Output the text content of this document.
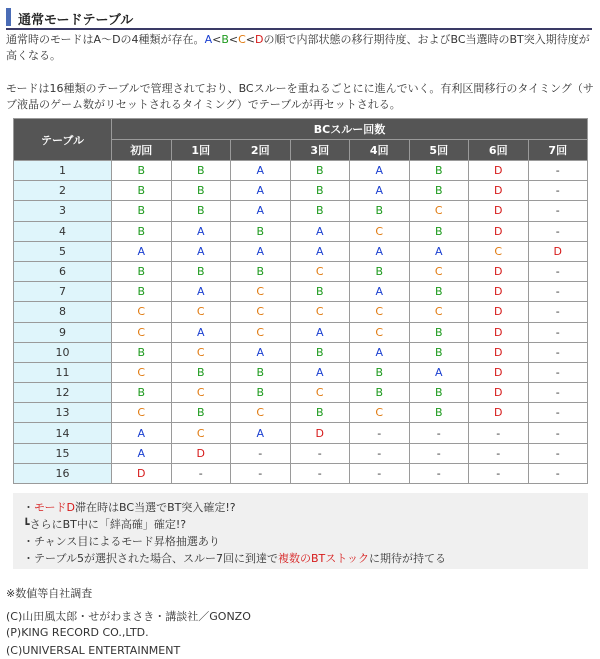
通常モードテーブル
通常時のモードはA〜Dの4種類が存在。A<B<C<Dの順で内部状態の移行期待度、およびBC当選時のBT突入期待度が高くなる。
モードは16種類のテーブルで管理されており、BCスルーを重ねるごとにに進んでいく。有利区間移行のタイミング（サブ液晶のゲーム数がリセットされるタイミング）でテーブルが再セットされる。
テーブル	BCスルー回数							
	初回	1回	2回	3回	4回	5回	6回	7回
1	B	B	A	B	A	B	D	-
2	B	B	A	B	A	B	D	-
3	B	B	A	B	B	C	D	-
4	B	A	B	A	C	B	D	-
5	A	A	A	A	A	A	C	D
6	B	B	B	C	B	C	D	-
7	B	A	C	B	A	B	D	-
8	C	C	C	C	C	C	D	-
9	C	A	C	A	C	B	D	-
10	B	C	A	B	A	B	D	-
11	C	B	B	A	B	A	D	-
12	B	C	B	C	B	B	D	-
13	C	B	C	B	C	B	D	-
14	A	C	A	D	-	-	-	-
15	A	D	-	-	-	-	-	-
16	D	-	-	-	-	-	-	-
・モードD滞在時はBC当選でBT突入確定!?
┗さらにBT中に「絆高確」確定!?
・チャンス目によるモード昇格抽選あり
・テーブル5が選択された場合、スルー7回に到達で複数のBTストックに期待が持てる
※数値等自社調査
(C)山田風太郎・せがわまさき・講談社／GONZO
(P)KING RECORD CO.,LTD.
(C)UNIVERSAL ENTERTAINMENT
